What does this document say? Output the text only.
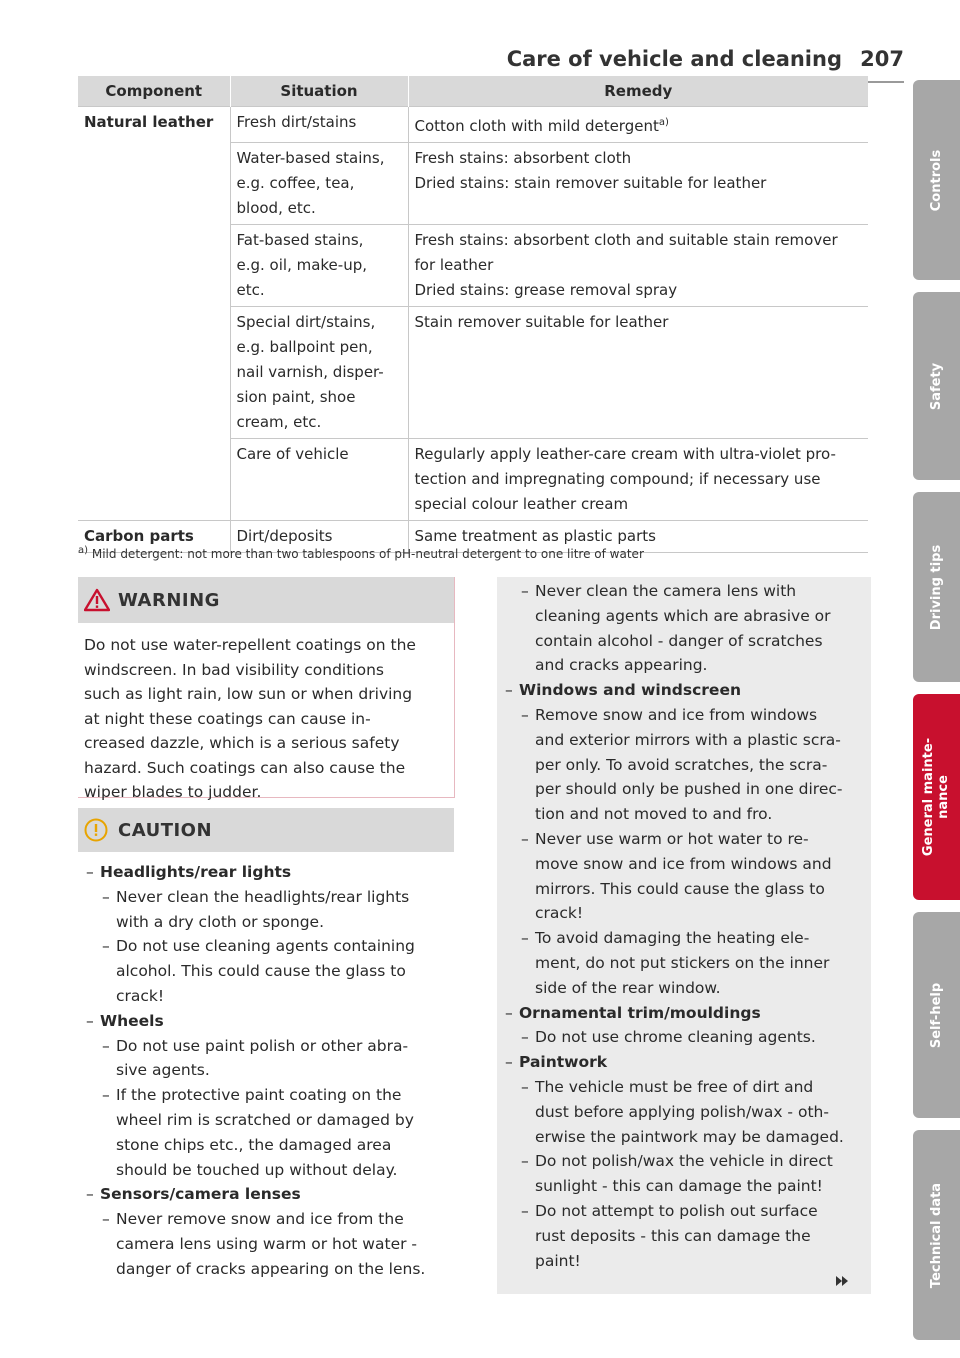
Care of vehicle and cleaning 207
Component	Situation	Remedy
Natural leather	Fresh dirt/stains	Cotton cloth with mild detergent$^{a)}$

	Water-based stains,
e.g. coffee, tea,
blood, etc.	Fresh stains: absorbent cloth
Dried stains: stain remover suitable for leather

	Fat-based stains,
e.g. oil, make-up,
etc.	Fresh stains: absorbent cloth and suitable stain remover
for leather
Dried stains: grease removal spray

	Special dirt/stains,
e.g. ballpoint pen,
nail varnish, disper-
sion paint, shoe
cream, etc.	Stain remover suitable for leather

	Care of vehicle	Regularly apply leather-care cream with ultra-violet pro-
tection and impregnating compound; if necessary use
special colour leather cream

Carbon parts	Dirt/deposits	Same treatment as plastic parts
$^{a)}$ Mild detergent: not more than two tablespoons of pH-neutral detergent to one litre of water
WARNING
Do not use water-repellent coatings on the
windscreen. In bad visibility conditions
such as light rain, low sun or when driving
at night these coatings can cause in-
creased dazzle, which is a serious safety
hazard. Such coatings can also cause the
wiper blades to judder.
CAUTION
– Headlights/rear lights
– Never clean the headlights/rear lights
with a dry cloth or sponge.
– Do not use cleaning agents containing
alcohol. This could cause the glass to
crack!
– Wheels
– Do not use paint polish or other abra-
sive agents.
– If the protective paint coating on the
wheel rim is scratched or damaged by
stone chips etc., the damaged area
should be touched up without delay.
– Sensors/camera lenses
– Never remove snow and ice from the
camera lens using warm or hot water -
danger of cracks appearing on the lens.
– Never clean the camera lens with
cleaning agents which are abrasive or
contain alcohol - danger of scratches
and cracks appearing.
– Windows and windscreen
– Remove snow and ice from windows
and exterior mirrors with a plastic scra-
per only. To avoid scratches, the scra-
per should only be pushed in one direc-
tion and not moved to and fro.
– Never use warm or hot water to re-
move snow and ice from windows and
mirrors. This could cause the glass to
crack!
– To avoid damaging the heating ele-
ment, do not put stickers on the inner
side of the rear window.
– Ornamental trim/mouldings
– Do not use chrome cleaning agents.
– Paintwork
– The vehicle must be free of dirt and
dust before applying polish/wax - oth-
erwise the paintwork may be damaged.
– Do not polish/wax the vehicle in direct
sunlight - this can damage the paint!
– Do not attempt to polish out surface
rust deposits - this can damage the
paint!
Controls
Safety
Driving tips
General mainte- nance
Self-help
Technical data
